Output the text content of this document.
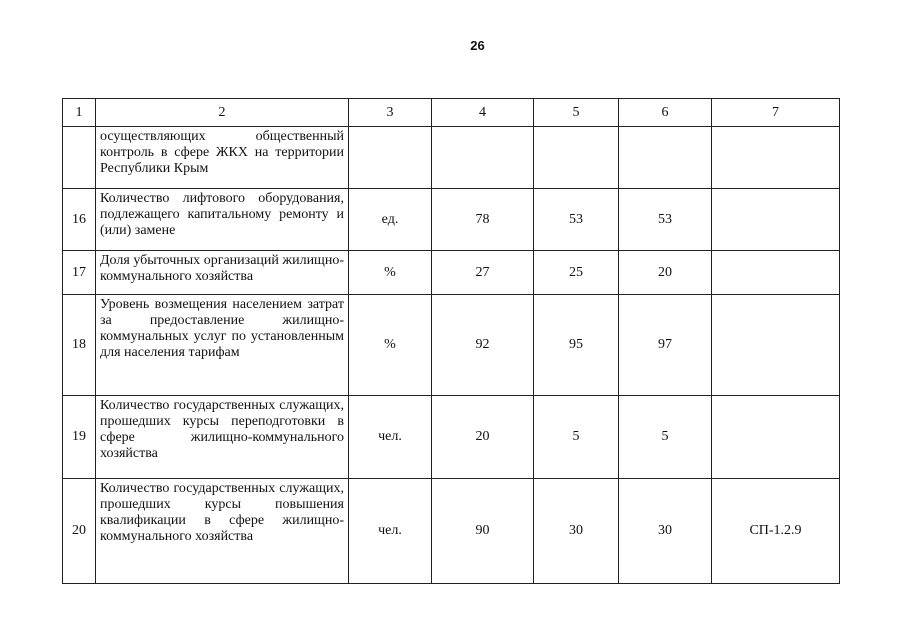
26
1	2	3	4	5	6	7
	осуществляющих общественный контроль в сфере ЖКХ на территории Республики Крым					
16	Количество лифтового оборудования, подлежащего капитальному ремонту и (или) замене	ед.	78	53	53	
17	Доля убыточных организаций жилищно-коммунального хозяйства	%	27	25	20	
18	Уровень возмещения населением затрат за предоставление жилищно-коммунальных услуг по установленным для населения тарифам	%	92	95	97	
19	Количество государственных служащих, прошедших курсы переподготовки в сфере жилищно-коммунального хозяйства	чел.	20	5	5	
20	Количество государственных служащих, прошедших курсы повышения квалификации в сфере жилищно-коммунального хозяйства	чел.	90	30	30	СП-1.2.9
